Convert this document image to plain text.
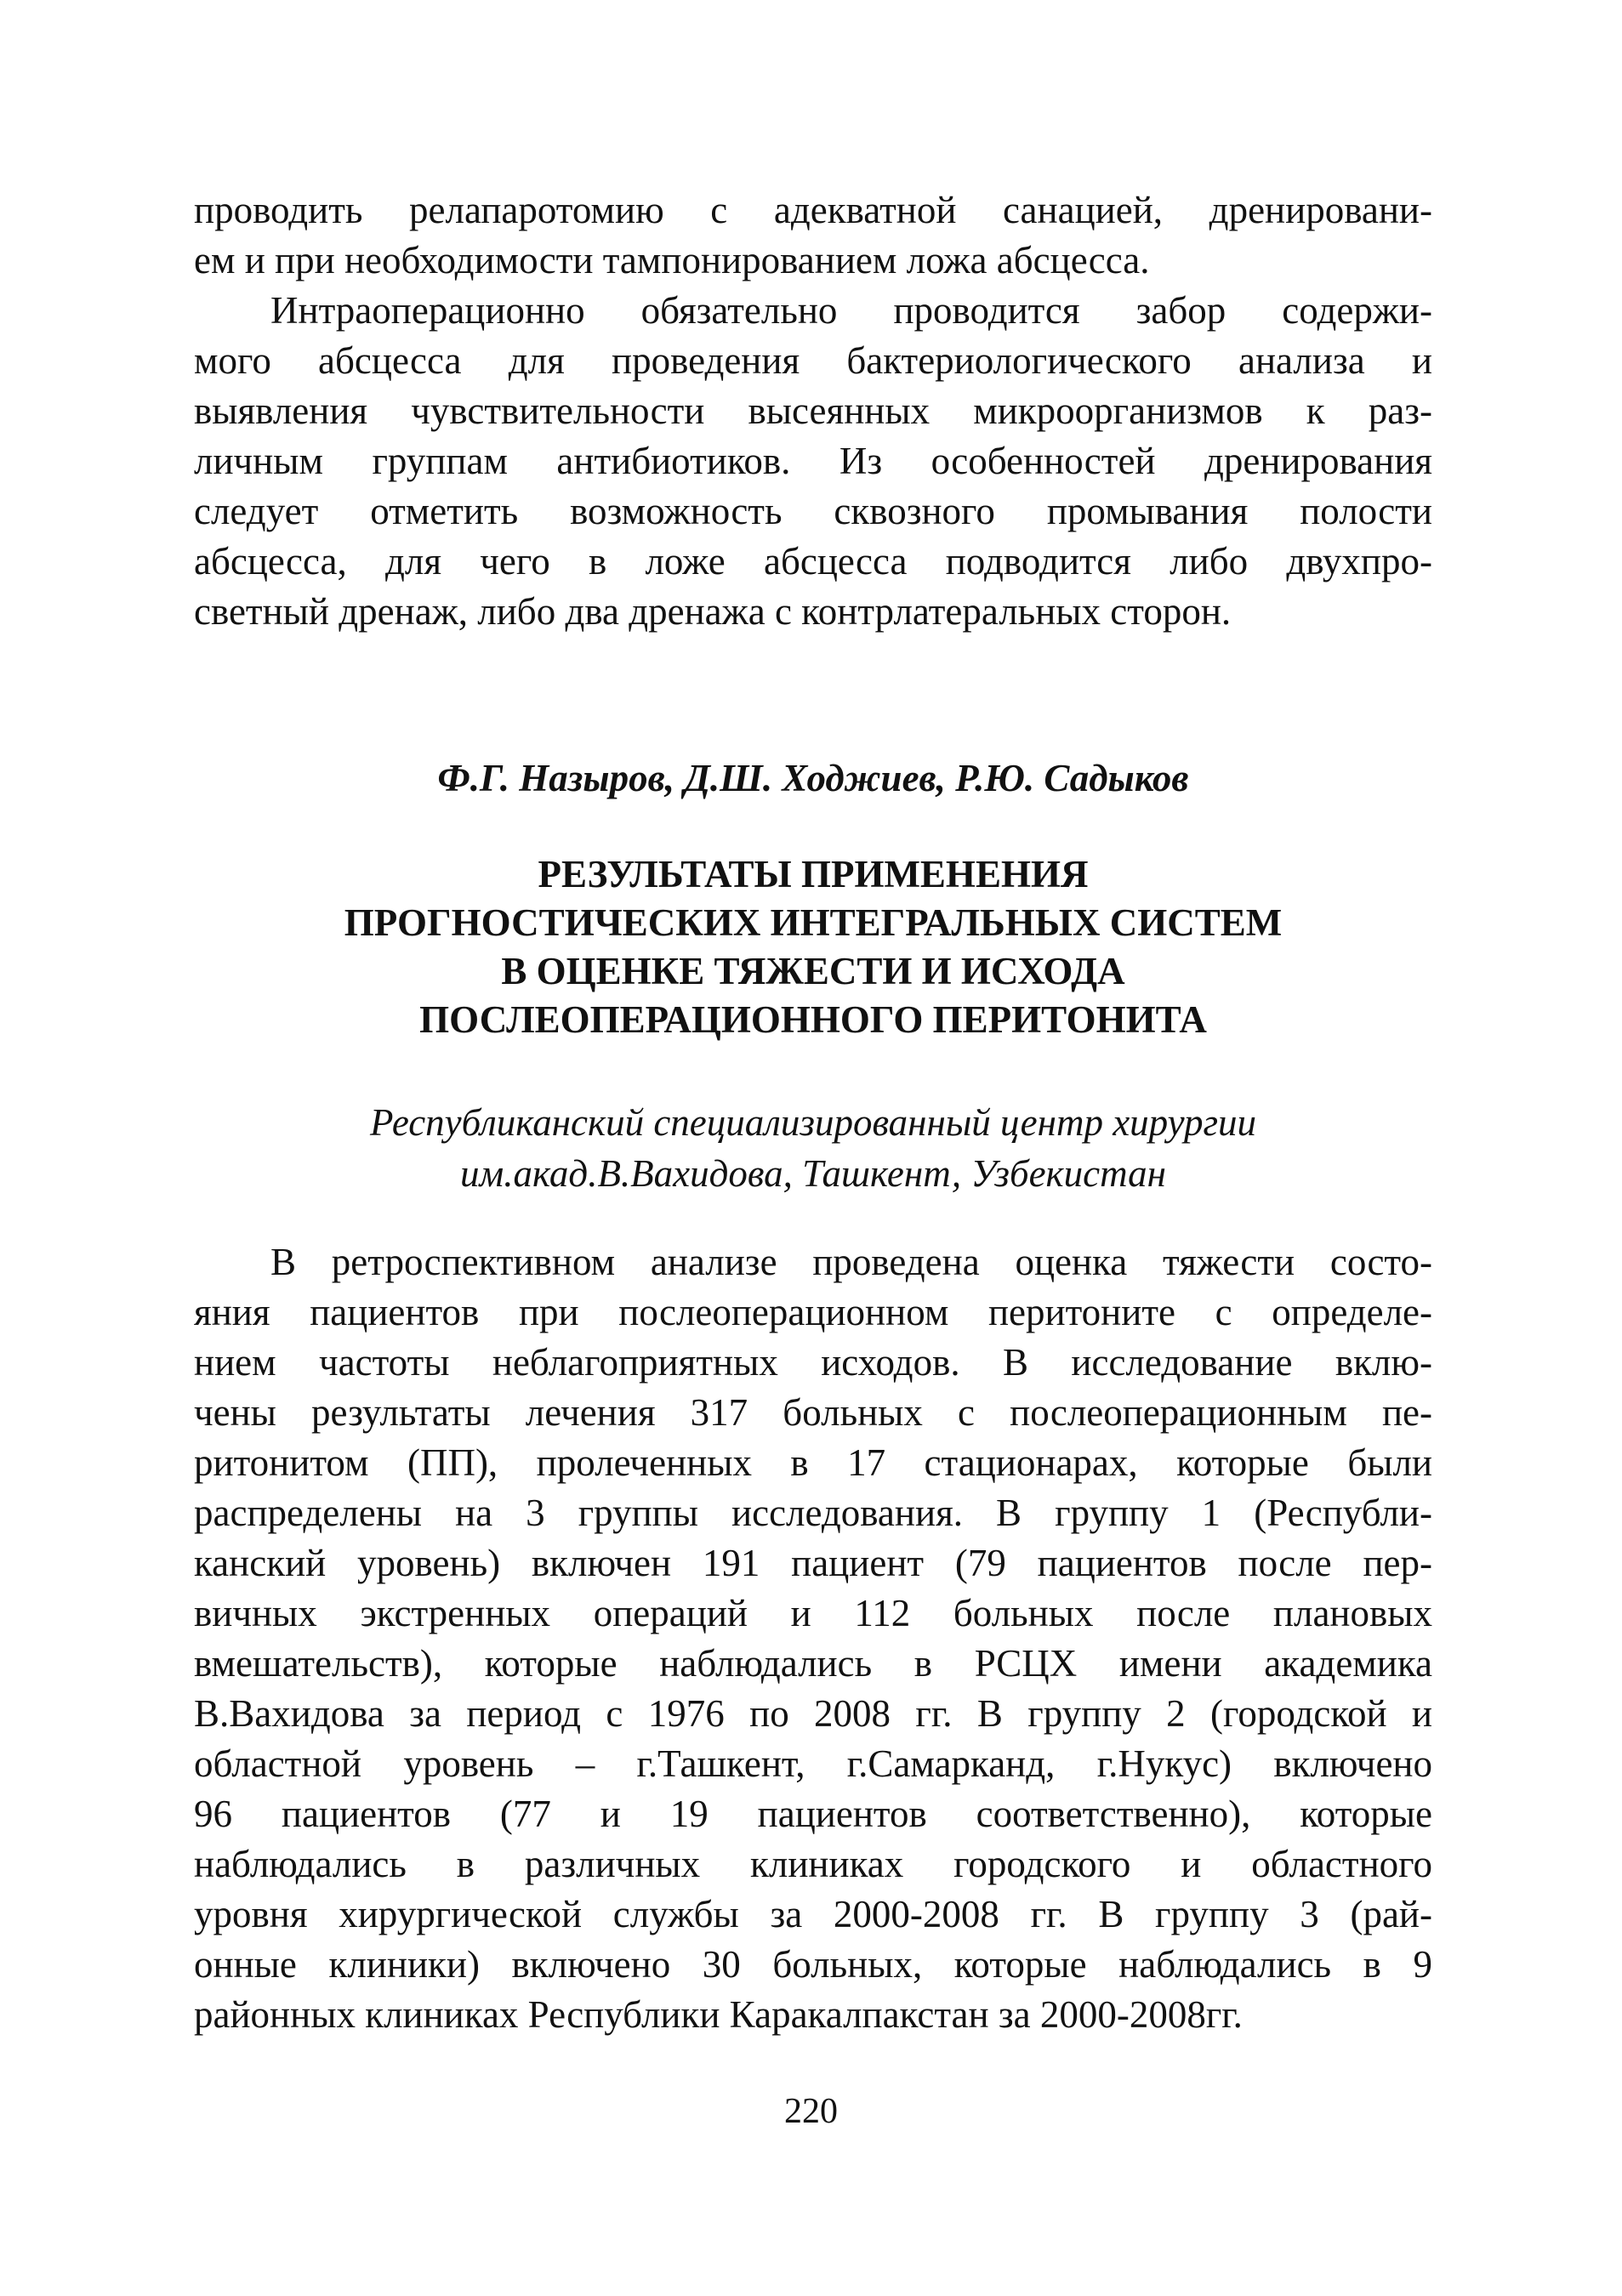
проводить релапаротомию с адекватной санацией, дренировани-
ем и при необходимости тампонированием ложа абсцесса.

Интраоперационно обязательно проводится забор содержи-
мого абсцесса для проведения бактериологического анализа и
выявления чувствительности высеянных микроорганизмов к раз-
личным группам антибиотиков. Из особенностей дренирования
следует отметить возможность сквозного промывания полости
абсцесса, для чего в ложе абсцесса подводится либо двухпро-
светный дренаж, либо два дренажа с контрлатеральных сторон.

Ф.Г. Назыров, Д.Ш. Ходжиев, Р.Ю. Садыков
РЕЗУЛЬТАТЫ ПРИМЕНЕНИЯ
ПРОГНОСТИЧЕСКИХ ИНТЕГРАЛЬНЫХ СИСТЕМ
В ОЦЕНКЕ ТЯЖЕСТИ И ИСХОДА
ПОСЛЕОПЕРАЦИОННОГО ПЕРИТОНИТА
Республиканский специализированный центр хирургии
им.акад.В.Вахидова, Ташкент, Узбекистан

В ретроспективном анализе проведена оценка тяжести состо-
яния пациентов при послеоперационном перитоните с определе-
нием частоты неблагоприятных исходов. В исследование вклю-
чены результаты лечения 317 больных с послеоперационным пе-
ритонитом (ПП), пролеченных в 17 стационарах, которые были
распределены на 3 группы исследования. В группу 1 (Республи-
канский уровень) включен 191 пациент (79 пациентов после пер-
вичных экстренных операций и 112 больных после плановых
вмешательств), которые наблюдались в РСЦХ имени академика
В.Вахидова за период с 1976 по 2008 гг. В группу 2 (городской и
областной уровень – г.Ташкент, г.Самарканд, г.Нукус) включено
96 пациентов (77 и 19 пациентов соответственно), которые
наблюдались в различных клиниках городского и областного
уровня хирургической службы за 2000-2008 гг. В группу 3 (рай-
онные клиники) включено 30 больных, которые наблюдались в 9
районных клиниках Республики Каракалпакстан за 2000-2008гг.

220
